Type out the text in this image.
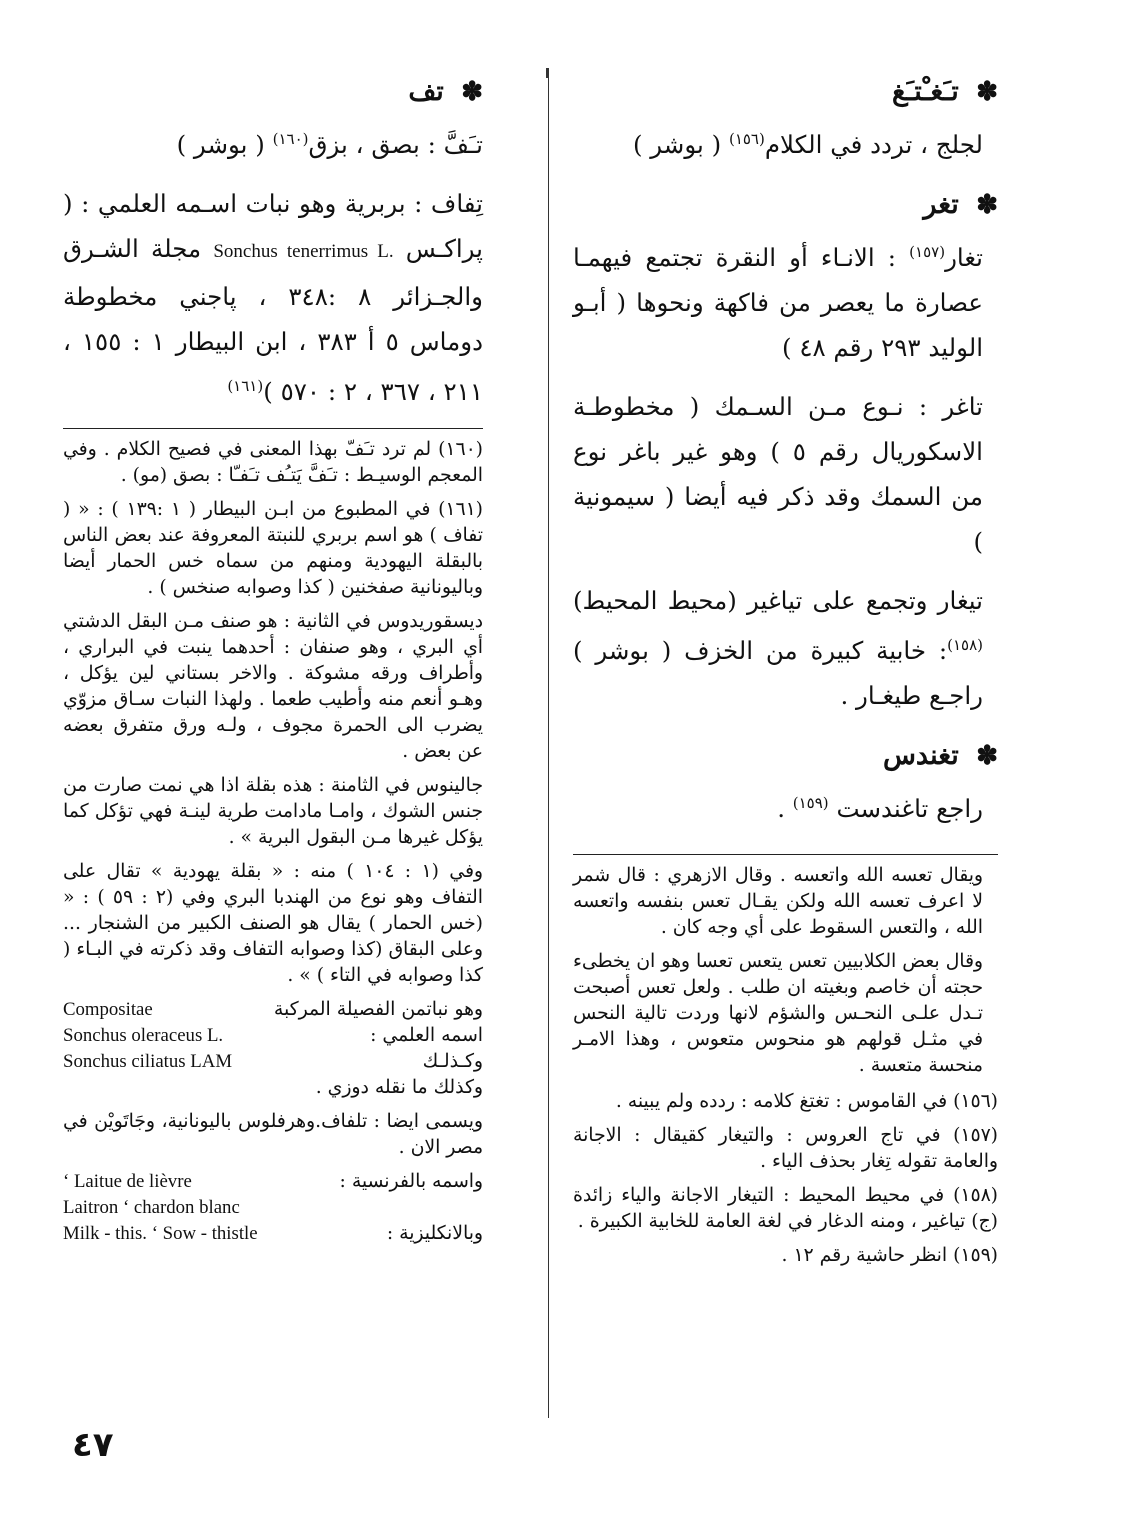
✽ تـَغـْتـَغ
لجلج ، تردد في الكلام$^{(١٥٦)}$ ( بوشر )
✽ تغر
تغار$^{(١٥٧)}$ : الانـاء أو النقرة تجتمع فيهمـا عصارة ما يعصر من فاكهة ونحوها ( أبـو الوليد ٢٩٣ رقم ٤٨ )
تاغر : نـوع مـن السـمك ( مخطوطـة الاسكوريال رقم ٥ ) وهو غير باغر نوع من السمك وقد ذكر فيه أيضا ( سيمونية )
تيغار وتجمع على تياغير (محيط المحيط)$^{(١٥٨)}$: خابية كبيرة من الخزف ( بوشر ) راجـع طيغـار .
✽ تغندس
راجع تاغندست $^{(١٥٩)}$ .
ويقال تعسه الله واتعسه . وقال الازهري : قال شمر لا اعرف تعسه الله ولكن يقـال تعس بنفسه واتعسه الله ، والتعس السقوط على أي وجه كان .
وقال بعض الكلابيين تعس يتعس تعسا وهو ان يخطىء حجته أن خاصم وبغيته ان طلب . ولعل تعس أصبحت تـدل علـى النحـس والشؤم لانها وردت تالية النحس في مثـل قولهم هو منحوس متعوس ، وهذا الامـر منحسة متعسة .
(١٥٦) في القاموس : تغتغ كلامه : ردده ولم يبينه .
(١٥٧) في تاج العروس : والتيغار كقيقال : الاجانة والعامة تقوله تِغار بحذف الياء .
(١٥٨) في محيط المحيط : التيغار الاجانة والياء زائدة (ج) تياغير ، ومنه الدغار في لغة العامة للخابية الكبيرة .
(١٥٩) انظر حاشية رقم ١٢ .
✽ تف
تـَفَّ : بصق ، بزق$^{(١٦٠)}$ ( بوشر )
تِفاف : بربرية وهو نبات اسـمه العلمي : ( پراكـس Sonchus tenerrimus L. مجلة الشـرق والجـزائر ٨ :٣٤٨ ، پاجني مخطوطة دوماس ٥ أ ٣٨٣ ، ابن البيطار ١ : ١٥٥ ، ٢١١ ، ٣٦٧ ، ٢ : ٥٧٠ )$^{(١٦١)}$
(١٦٠) لم ترد تـَفّ بهذا المعنى في فصيح الكلام . وفي المعجم الوسيـط : تـَفَّ يَتـُف تـَفـّا : بصق (مو) .
(١٦١) في المطبوع من ابـن البيطار ( ١ :١٣٩ ) : « ( تفاف ) هو اسم بربري للنبتة المعروفة عند بعض الناس بالبقلة اليهودية ومنهم من سماه خس الحمار أيضا وباليونانية صفخنين ( كذا وصوابه صنخس ) .
ديسقوريدوس في الثانية : هو صنف مـن البقل الدشتي أي البري ، وهو صنفان : أحدهما ينبت في البراري ، وأطراف ورقه مشوكة . والاخر بستاني لين يؤكل ، وهـو أنعم منه وأطيب طعما . ولهذا النبات سـاق مزوّي يضرب الى الحمرة مجوف ، ولـه ورق متفرق بعضه عن بعض .
جالينوس في الثامنة : هذه بقلة اذا هي نمت صارت من جنس الشوك ، وامـا مادامت طرية لينـة فهي تؤكل كما يؤكل غيرها مـن البقول البرية » .
وفي (١ : ١٠٤ ) منه : « بقلة يهودية » تقال على التفاف وهو نوع من الهندبا البري وفي (٢ : ٥٩ ) : « (خس الحمار ) يقال هو الصنف الكبير من الشنجار ... وعلى البقاق (كذا وصوابه التفاف وقد ذكرته في البـاء ( كذا وصوابه في التاء ) » .
وهو نباتمن الفصيلة المركبة
Compositae
اسمه العلمي :
Sonchus oleraceus L.
وكـذلـك
Sonchus ciliatus LAM
وكذلك ما نقله دوزي .
ويسمى ايضا : تلفاف.وهرفلوس باليونانية، وجَاتَويْن في مصر الان .
واسمه بالفرنسية :
‘ Laitue de lièvre
Laitron ‘ chardon blanc
وبالانكليزية :
Milk - this. ‘ Sow - thistle
٤٧
